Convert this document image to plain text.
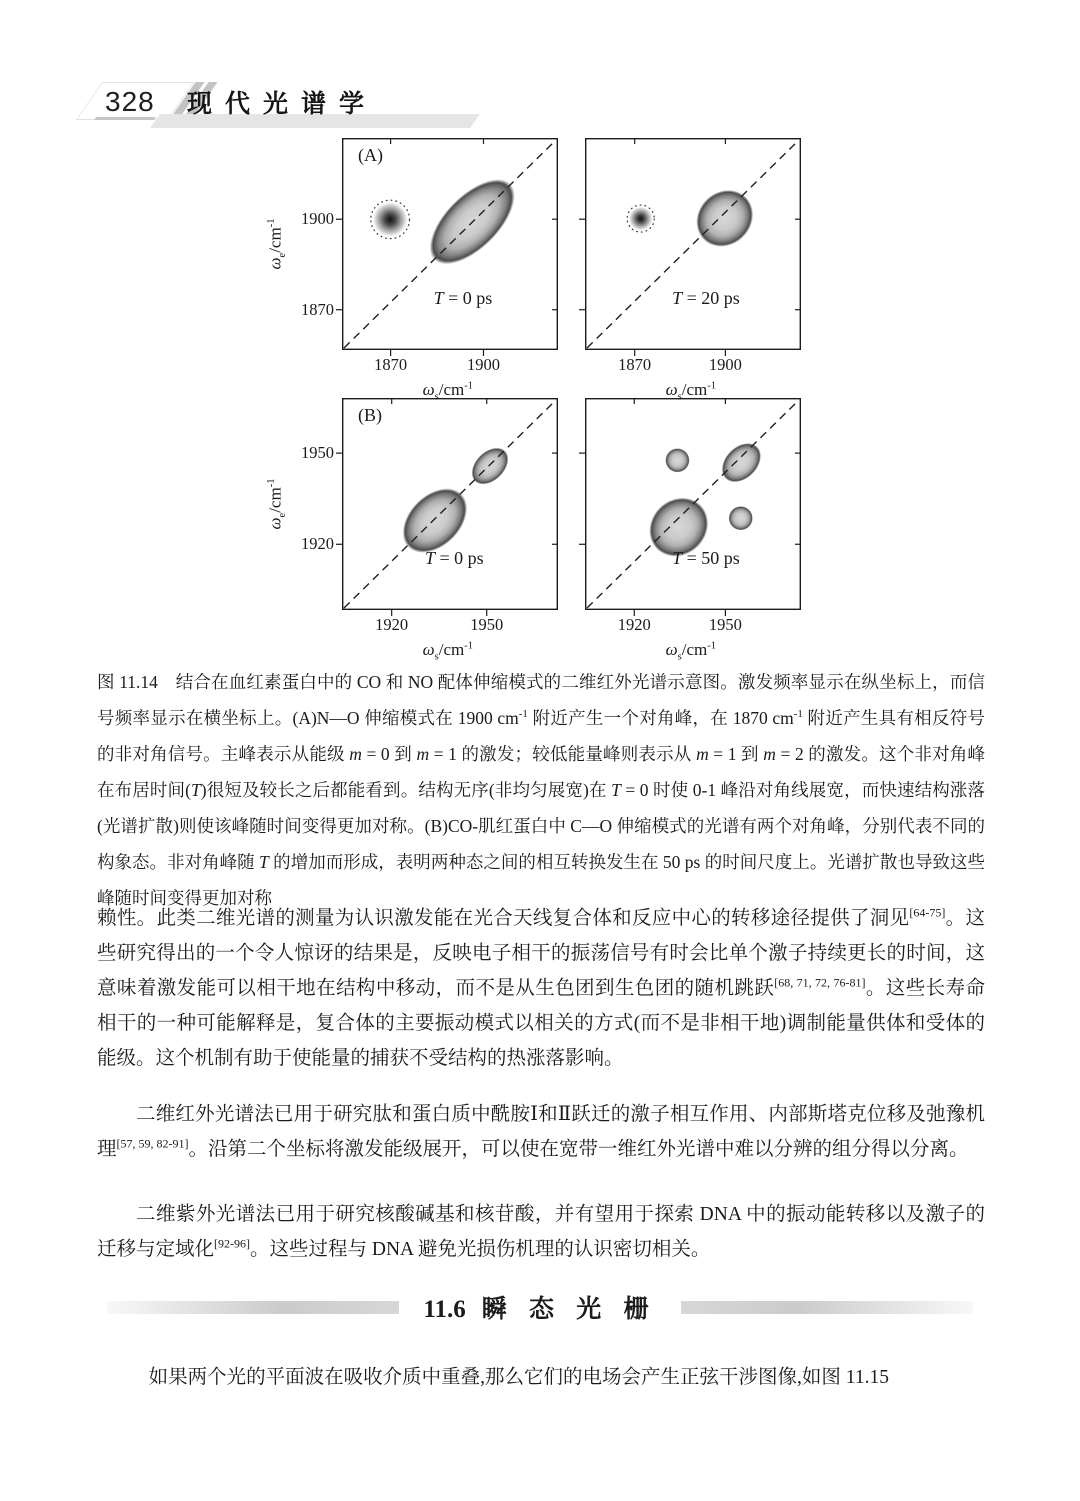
328 现代光谱学
1870	1900
1900
1870
(A)
T = 0 ps
$\omega_s/cm^{-1}$
$\omega_e/cm^{-1}$
1870	1900
T = 20 ps
$\omega_s/cm^{-1}$
1920	1950
1950
1920
(B)
T = 0 ps
$\omega_s/cm^{-1}$
$\omega_e/cm^{-1}$
1920	1950
T = 50 ps
$\omega_s/cm^{-1}$

图 11.14　结合在血红素蛋白中的 CO 和 NO 配体伸缩模式的二维红外光谱示意图。激发频率显示在纵坐标上，而信号频率显示在横坐标上。(A)N—O 伸缩模式在 1900 $cm^{-1}$ 附近产生一个对角峰，在 1870 $cm^{-1}$ 附近产生具有相反符号的非对角信号。主峰表示从能级 m = 0 到 m = 1 的激发；较低能量峰则表示从 m = 1 到 m = 2 的激发。这个非对角峰在布居时间(T)很短及较长之后都能看到。结构无序(非均匀展宽)在 T = 0 时使 0-1 峰沿对角线展宽，而快速结构涨落(光谱扩散)则使该峰随时间变得更加对称。(B)CO-肌红蛋白中 C—O 伸缩模式的光谱有两个对角峰，分别代表不同的构象态。非对角峰随 T 的增加而形成，表明两种态之间的相互转换发生在 50 ps 的时间尺度上。光谱扩散也导致这些峰随时间变得更加对称

赖性。此类二维光谱的测量为认识激发能在光合天线复合体和反应中心的转移途径提供了洞见[64-75]。这些研究得出的一个令人惊讶的结果是，反映电子相干的振荡信号有时会比单个激子持续更长的时间，这意味着激发能可以相干地在结构中移动，而不是从生色团到生色团的随机跳跃[68, 71, 72, 76-81]。这些长寿命相干的一种可能解释是，复合体的主要振动模式以相关的方式(而不是非相干地)调制能量供体和受体的能级。这个机制有助于使能量的捕获不受结构的热涨落影响。

二维红外光谱法已用于研究肽和蛋白质中酰胺Ⅰ和Ⅱ跃迁的激子相互作用、内部斯塔克位移及弛豫机理[57, 59, 82-91]。沿第二个坐标将激发能级展开，可以使在宽带一维红外光谱中难以分辨的组分得以分离。

二维紫外光谱法已用于研究核酸碱基和核苷酸，并有望用于探索 DNA 中的振动能转移以及激子的迁移与定域化[92-96]。这些过程与 DNA 避免光损伤机理的认识密切相关。

11.6 瞬 态 光 栅

如果两个光的平面波在吸收介质中重叠,那么它们的电场会产生正弦干涉图像,如图 11.15
